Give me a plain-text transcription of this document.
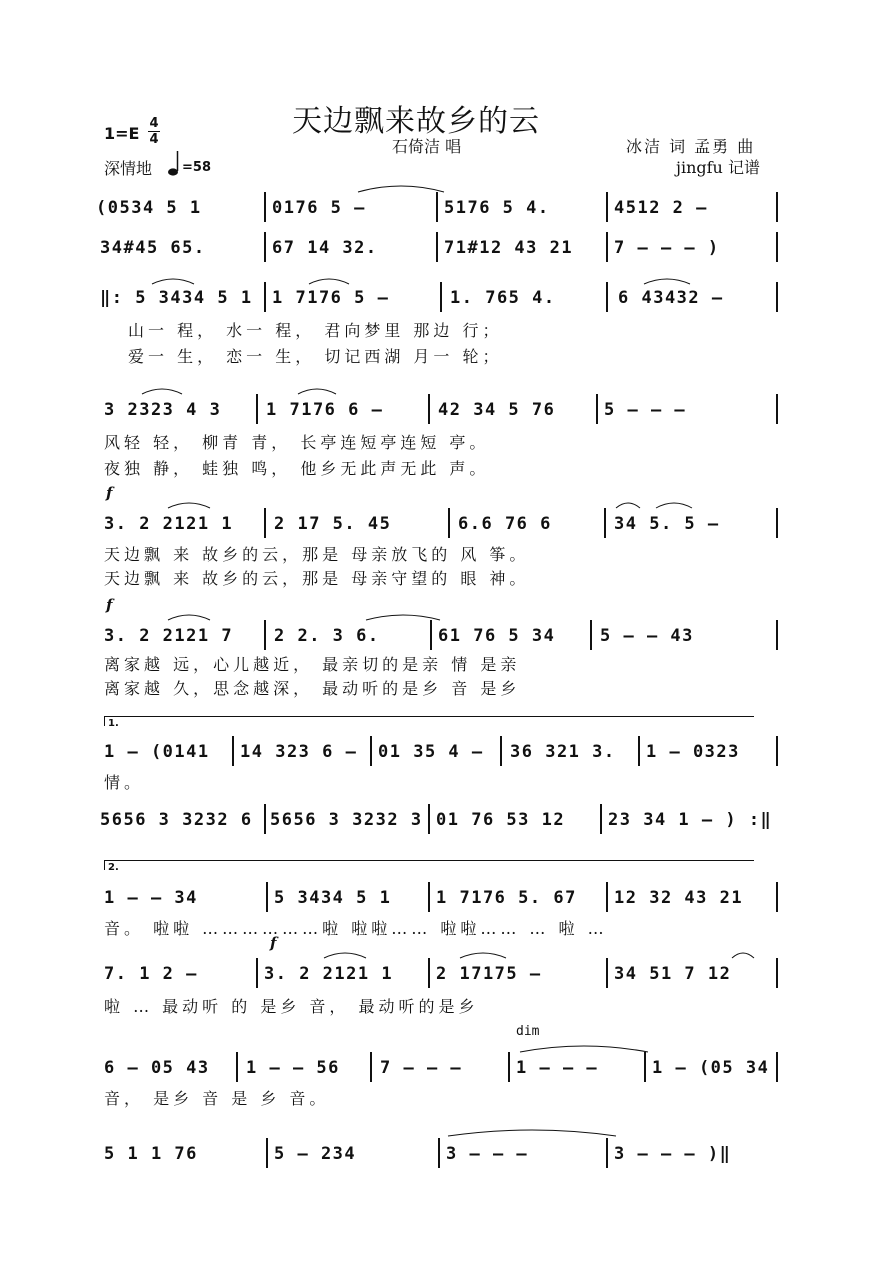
天边飘来故乡的云
石倚洁 唱	冰洁 词 孟勇 曲
jingfu 记谱
1=E
4
4
深情地 =58
(0534 5 1	0176 5 –	5176 5 4.	4512 2 –
34#45 65.	67 14 32.	71#12 43 21 7 – – – )
‖: 5 3434 5 1 1 7176 5 –	1. 765 4.	6 43432 –
山一 程， 水一 程， 君向梦里 那边 行；
爱一 生， 恋一 生， 切记西湖 月一 轮；
3 2323 4 3	1 7176 6 –	42 34 5 76	5 – – –
风轻 轻， 柳青 青， 长亭连短亭连短 亭。
夜独 静， 蛙独 鸣， 他乡无此声无此 声。
f
3. 2 2121 1 2 17 5. 45	6.6 76 6	34 5. 5 –
天边飘 来 故乡的云，那是 母亲放飞的 风 筝。
天边飘 来 故乡的云，那是 母亲守望的 眼 神。
f
3. 2 2121 7 2 2. 3 6.	61 76 5 34	5 – – 43
离家越 远，心儿越近， 最亲切的是亲 情 是亲
离家越 久，思念越深， 最动听的是乡 音 是乡
1.
1 – (0141 14 323 6 – 01 35 4 – 36 321 3. 1 – 0323
情。
5656 3 3232 6 5656 3 3232 3 01 76 53 12	23 34 1 – ) :‖
2.
1 – – 34	5 3434 5 1	1 7176 5. 67 12 32 43 21
音。 啦啦 ………………啦 啦啦…… 啦啦…… … 啦 …
f
7. 1 2 –	3. 2 2121 1	2 17175 –	34 51 7 12
啦 … 最动听 的 是乡 音， 最动听的是乡
dim
6 – 05 43 1 – – 56 7 – – –	1 – – –	1 – (05 34
音， 是乡 音 是 乡 音。
5 1 1 76	5 – 234	3 – – –	3 – – – )‖
